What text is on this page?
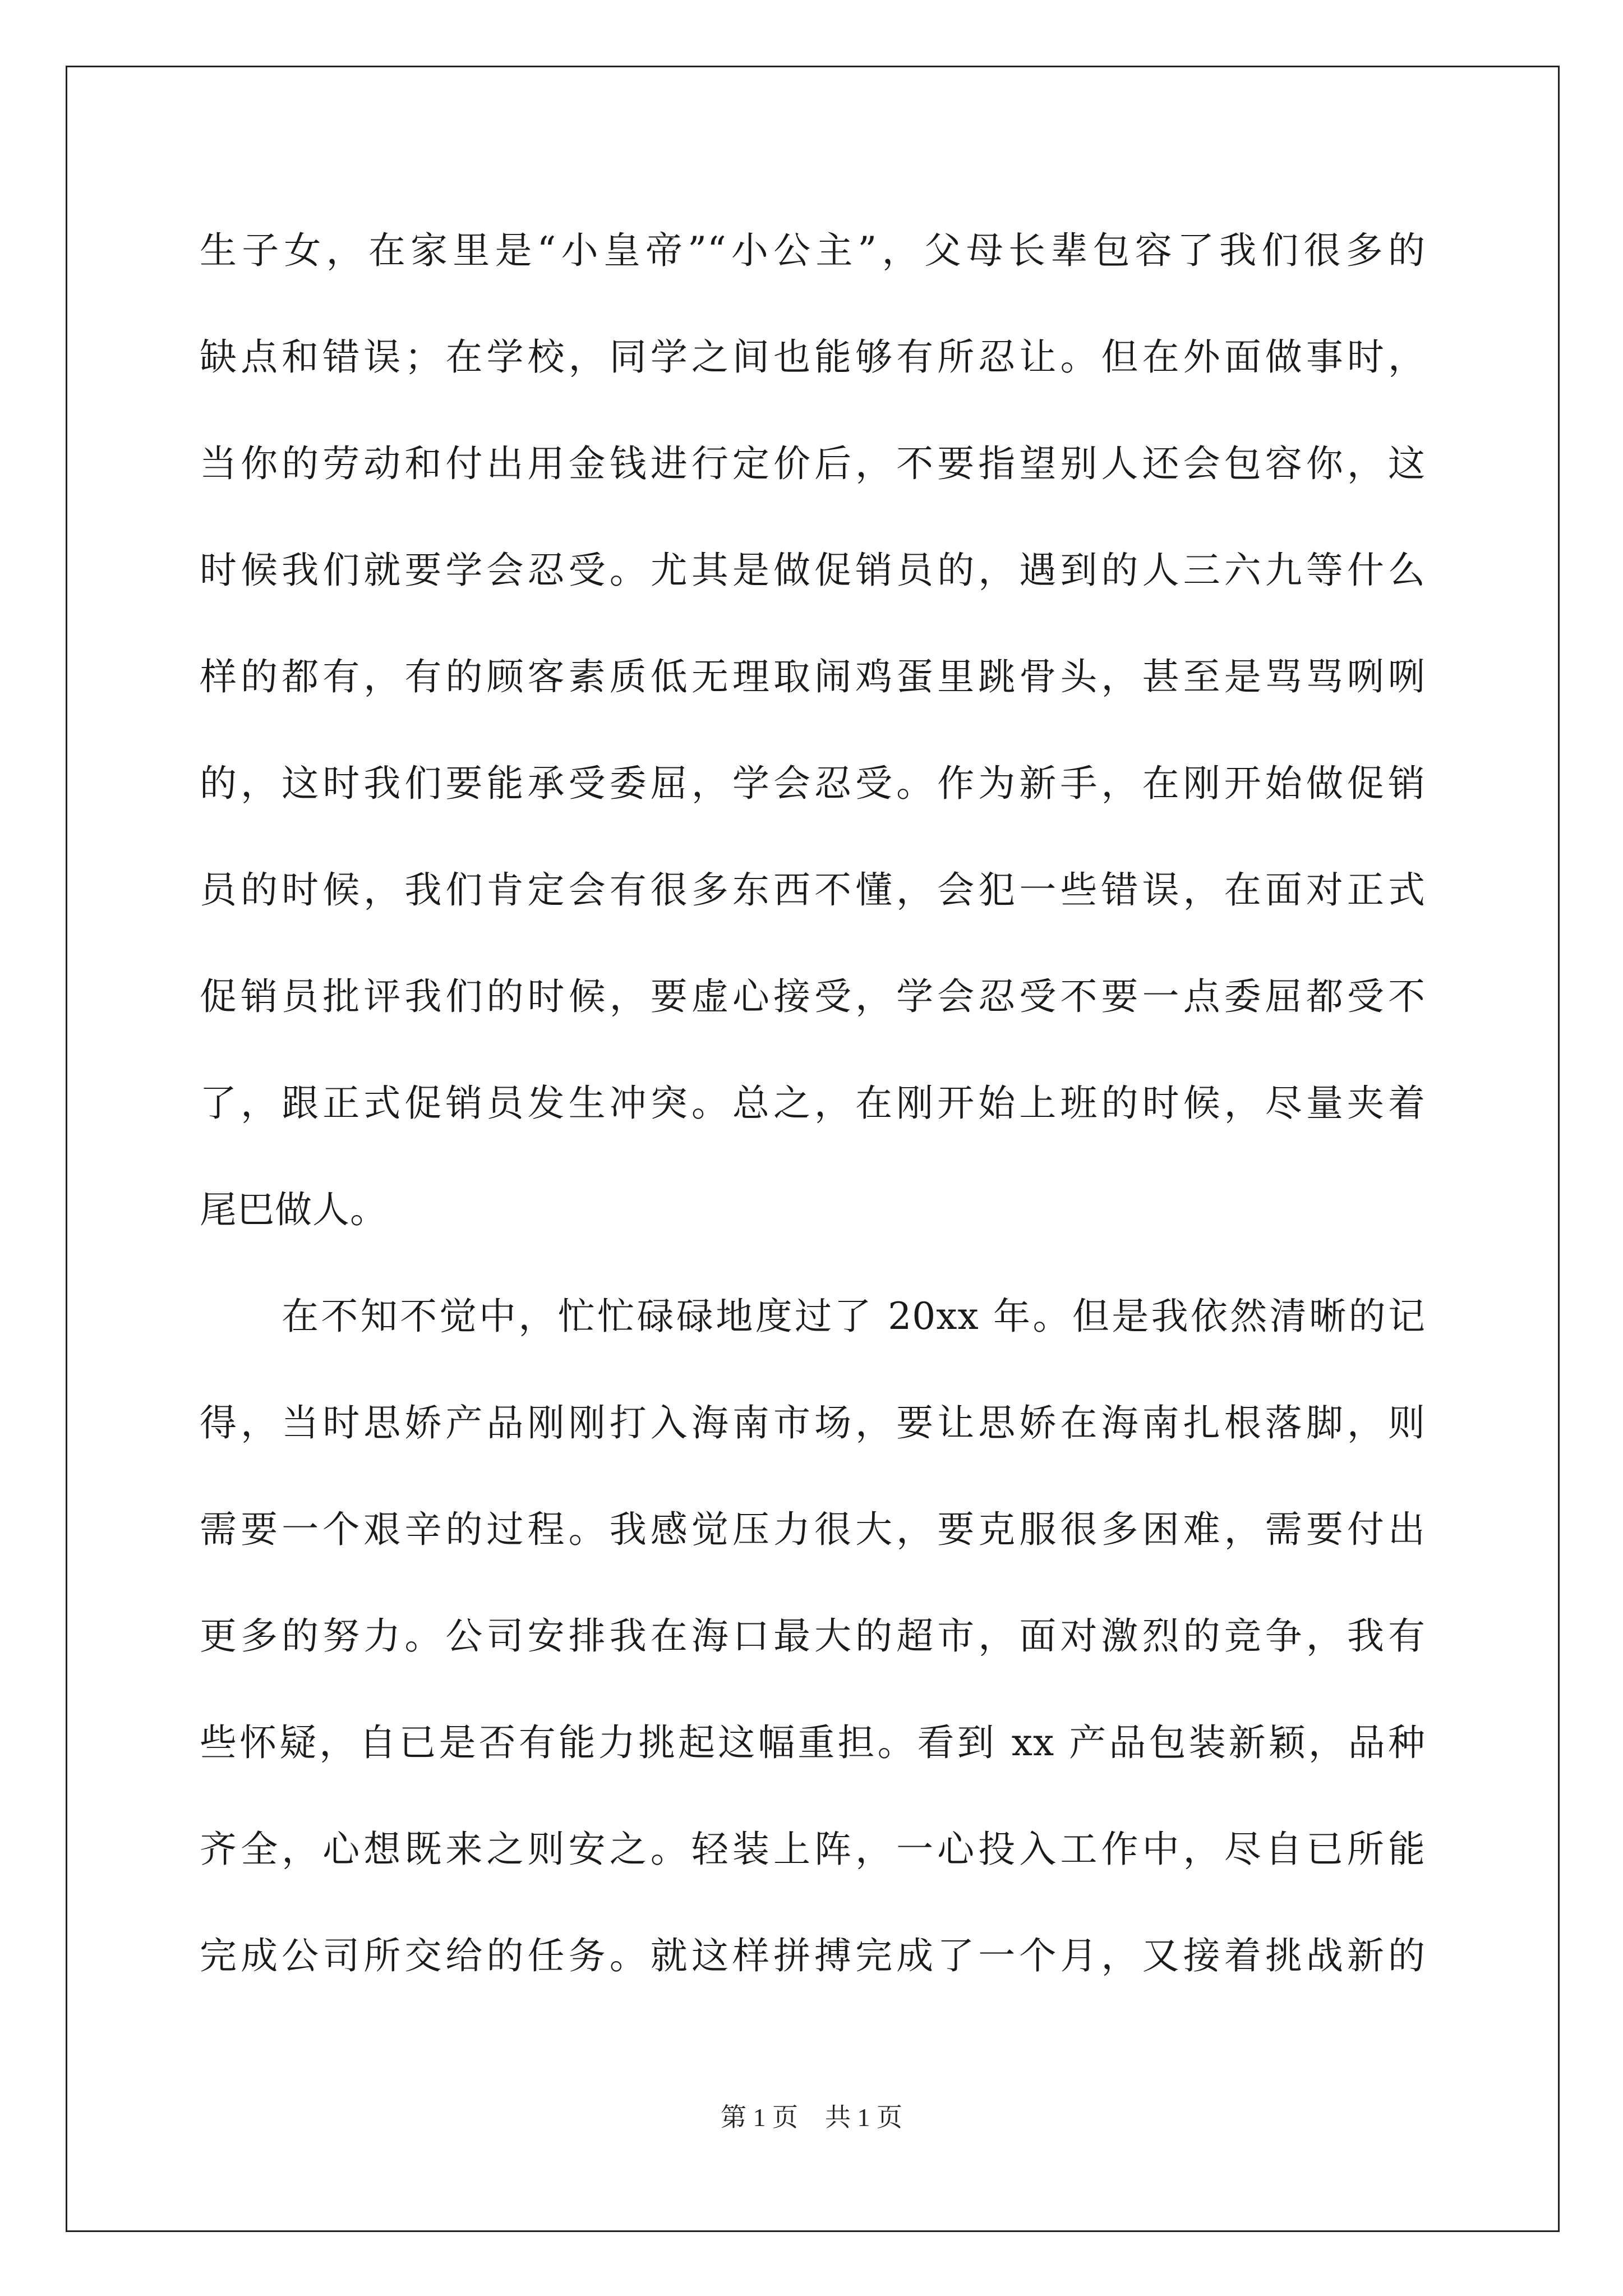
生子女，在家里是“小皇帝”“小公主”，父母长辈包容了我们很多的
缺点和错误；在学校，同学之间也能够有所忍让。但在外面做事时，
当你的劳动和付出用金钱进行定价后，不要指望别人还会包容你，这
时候我们就要学会忍受。尤其是做促销员的，遇到的人三六九等什么
样的都有，有的顾客素质低无理取闹鸡蛋里跳骨头，甚至是骂骂咧咧
的，这时我们要能承受委屈，学会忍受。作为新手，在刚开始做促销
员的时候，我们肯定会有很多东西不懂，会犯一些错误，在面对正式
促销员批评我们的时候，要虚心接受，学会忍受不要一点委屈都受不
了，跟正式促销员发生冲突。总之，在刚开始上班的时候，尽量夹着
尾巴做人。
在不知不觉中，忙忙碌碌地度过了 20xx 年。但是我依然清晰的记
得，当时思娇产品刚刚打入海南市场，要让思娇在海南扎根落脚，则
需要一个艰辛的过程。我感觉压力很大，要克服很多困难，需要付出
更多的努力。公司安排我在海口最大的超市，面对激烈的竞争，我有
些怀疑，自已是否有能力挑起这幅重担。看到 xx 产品包装新颖，品种
齐全，心想既来之则安之。轻装上阵，一心投入工作中，尽自已所能
完成公司所交给的任务。就这样拼搏完成了一个月，又接着挑战新的
第 1 页 共 1 页
